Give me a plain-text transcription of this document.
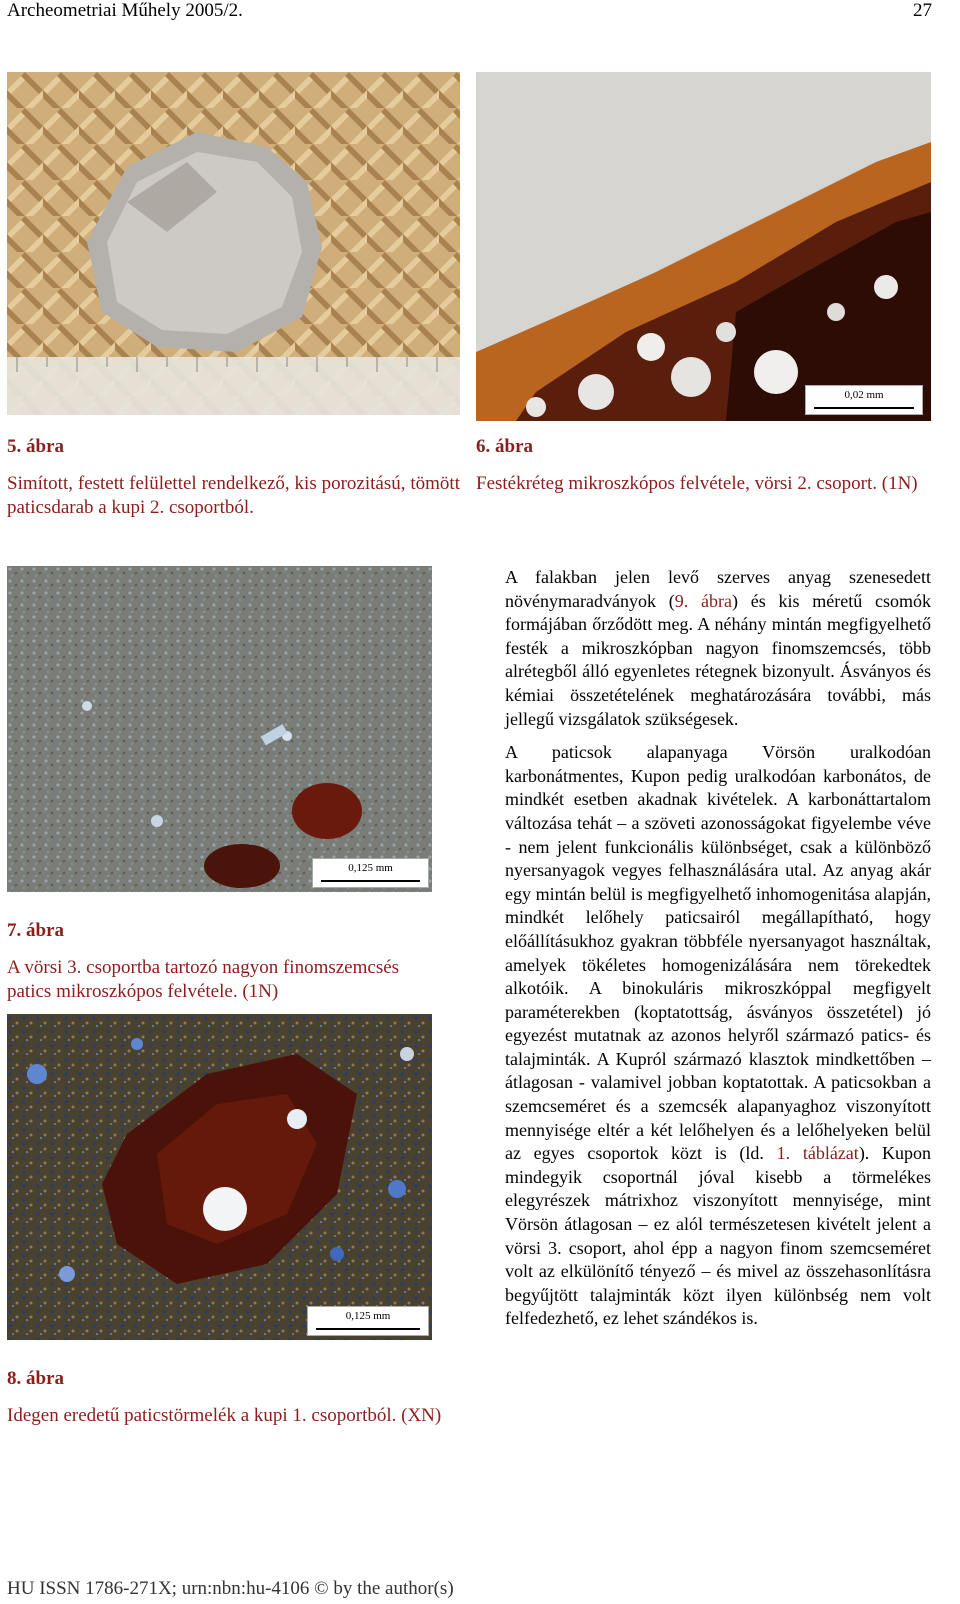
Archeometriai Műhely 2005/2.	27
5. ábra
Simított, festett felülettel rendelkező, kis porozitású, tömött paticsdarab a kupi 2. csoportból.
0,02 mm
6. ábra
Festékréteg mikroszkópos felvétele, vörsi 2. csoport. (1N)
0,125 mm
7. ábra
A vörsi 3. csoportba tartozó nagyon finomszemcsés patics mikroszkópos felvétele. (1N)
0,125 mm
8. ábra
Idegen eredetű paticstörmelék a kupi 1. csoportból. (XN)

A falakban jelen levő szerves anyag szenesedett növénymaradványok (9. ábra) és kis méretű csomók formájában őrződött meg. A néhány mintán megfigyelhető festék a mikroszkópban nagyon finomszemcsés, több alrétegből álló egyenletes rétegnek bizonyult. Ásványos és kémiai összetételének meghatározására további, más jellegű vizsgálatok szükségesek.

A paticsok alapanyaga Vörsön uralkodóan karbonátmentes, Kupon pedig uralkodóan karbonátos, de mindkét esetben akadnak kivételek. A karbonáttartalom változása tehát – a szöveti azonosságokat figyelembe véve - nem jelent funkcionális különbséget, csak a különböző nyersanyagok vegyes felhasználására utal. Az anyag akár egy mintán belül is megfigyelhető inhomogenitása alapján, mindkét lelőhely paticsairól megállapítható, hogy előállításukhoz gyakran többféle nyersanyagot használtak, amelyek tökéletes homogenizálására nem törekedtek alkotóik. A binokuláris mikroszkóppal megfigyelt paraméterekben (koptatottság, ásványos összetétel) jó egyezést mutatnak az azonos helyről származó patics- és talajminták. A Kupról származó klasztok mindkettőben – átlagosan - valamivel jobban koptatottak. A paticsokban a szemcseméret és a szemcsék alapanyaghoz viszonyított mennyisége eltér a két lelőhelyen és a lelőhelyeken belül az egyes csoportok közt is (ld. 1. táblázat). Kupon mindegyik csoportnál jóval kisebb a törmelékes elegyrészek mátrixhoz viszonyított mennyisége, mint Vörsön átlagosan – ez alól természetesen kivételt jelent a vörsi 3. csoport, ahol épp a nagyon finom szemcseméret volt az elkülönítő tényező – és mivel az összehasonlításra begyűjtött talajminták közt ilyen különbség nem volt felfedezhető, ez lehet szándékos is.

HU ISSN 1786-271X; urn:nbn:hu-4106 © by the author(s)
